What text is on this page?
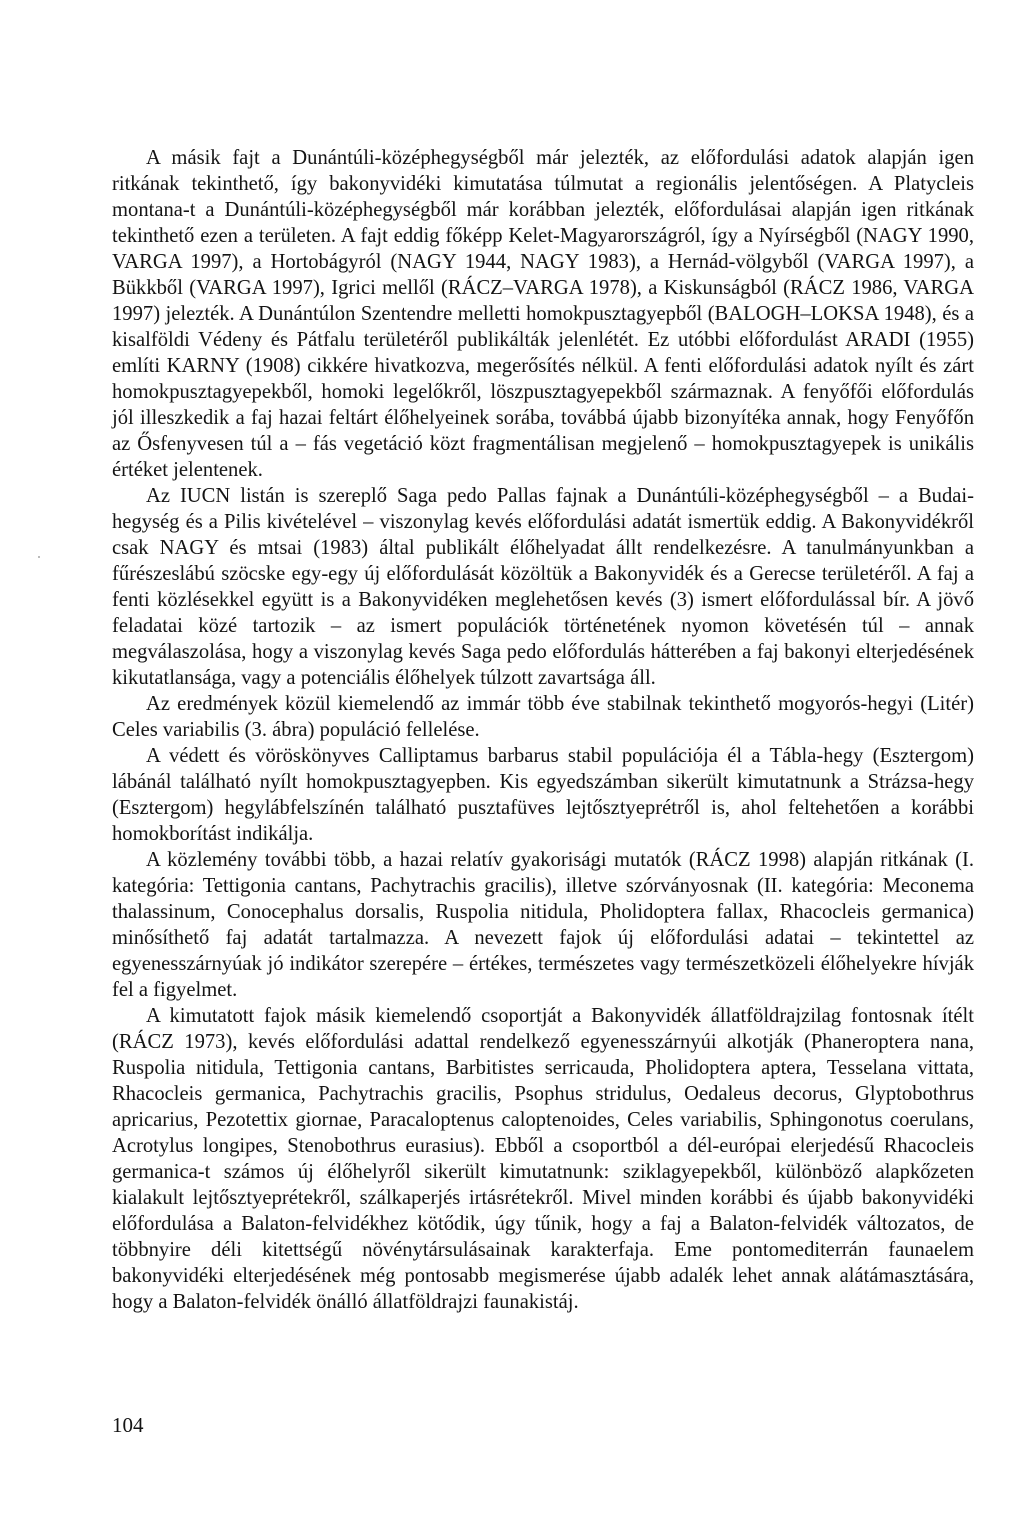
A másik fajt a Dunántúli-középhegységből már jelezték, az előfordulási adatok alapján igen ritkának tekinthető, így bakonyvidéki kimutatása túlmutat a regionális jelentőségen. A Platycleis montana-t a Dunántúli-középhegységből már korábban jelezték, előfordulásai alapján igen ritkának tekinthető ezen a területen. A fajt eddig főképp Kelet-Magyarországról, így a Nyírségből (NAGY 1990, VARGA 1997), a Hortobágyról (NAGY 1944, NAGY 1983), a Hernád-völgyből (VARGA 1997), a Bükkből (VARGA 1997), Igrici mellől (RÁCZ–VARGA 1978), a Kiskunságból (RÁCZ 1986, VARGA 1997) jelezték. A Dunántúlon Szentendre melletti homokpusztagyepből (BALOGH–LOKSA 1948), és a kisalföldi Védeny és Pátfalu területéről publikálták jelenlétét. Ez utóbbi előfordulást ARADI (1955) említi KARNY (1908) cikkére hivatkozva, megerősítés nélkül. A fenti előfordulási adatok nyílt és zárt homokpusztagyepekből, homoki legelőkről, löszpusztagyepekből származnak. A fenyőfői előfordulás jól illeszkedik a faj hazai feltárt élőhelyeinek sorába, továbbá újabb bizonyítéka annak, hogy Fenyőfőn az Ősfenyvesen túl a – fás vegetáció közt fragmentálisan megjelenő – homokpusztagyepek is unikális értéket jelentenek.

Az IUCN listán is szereplő Saga pedo Pallas fajnak a Dunántúli-középhegységből – a Budai-hegység és a Pilis kivételével – viszonylag kevés előfordulási adatát ismertük eddig. A Bakonyvidékről csak NAGY és mtsai (1983) által publikált élőhelyadat állt rendelkezésre. A tanulmányunkban a fűrészeslábú szöcske egy-egy új előfordulását közöltük a Bakonyvidék és a Gerecse területéről. A faj a fenti közlésekkel együtt is a Bakonyvidéken meglehetősen kevés (3) ismert előfordulással bír. A jövő feladatai közé tartozik – az ismert populációk történetének nyomon követésén túl – annak megválaszolása, hogy a viszonylag kevés Saga pedo előfordulás hátterében a faj bakonyi elterjedésének kikutatlansága, vagy a potenciális élőhelyek túlzott zavartsága áll.

Az eredmények közül kiemelendő az immár több éve stabilnak tekinthető mogyorós-hegyi (Litér) Celes variabilis (3. ábra) populáció fellelése.

A védett és vöröskönyves Calliptamus barbarus stabil populációja él a Tábla-hegy (Esztergom) lábánál található nyílt homokpusztagyepben. Kis egyedszámban sikerült kimutatnunk a Strázsa-hegy (Esztergom) hegylábfelszínén található pusztafüves lejtősztyeprétről is, ahol feltehetően a korábbi homokborítást indikálja.

A közlemény további több, a hazai relatív gyakorisági mutatók (RÁCZ 1998) alapján ritkának (I. kategória: Tettigonia cantans, Pachytrachis gracilis), illetve szórványosnak (II. kategória: Meconema thalassinum, Conocephalus dorsalis, Ruspolia nitidula, Pholidoptera fallax, Rhacocleis germanica) minősíthető faj adatát tartalmazza. A nevezett fajok új előfordulási adatai – tekintettel az egyenesszárnyúak jó indikátor szerepére – értékes, természetes vagy természetközeli élőhelyekre hívják fel a figyelmet.

A kimutatott fajok másik kiemelendő csoportját a Bakonyvidék állatföldrajzilag fontosnak ítélt (RÁCZ 1973), kevés előfordulási adattal rendelkező egyenesszárnyúi alkotják (Phaneroptera nana, Ruspolia nitidula, Tettigonia cantans, Barbitistes serricauda, Pholidoptera aptera, Tesselana vittata, Rhacocleis germanica, Pachytrachis gracilis, Psophus stridulus, Oedaleus decorus, Glyptobothrus apricarius, Pezotettix giornae, Paracaloptenus caloptenoides, Celes variabilis, Sphingonotus coerulans, Acrotylus longipes, Stenobothrus eurasius). Ebből a csoportból a dél-európai elerjedésű Rhacocleis germanica-t számos új élőhelyről sikerült kimutatnunk: sziklagyepekből, különböző alapkőzeten kialakult lejtősztyeprétekről, szálkaperjés irtásrétekről. Mivel minden korábbi és újabb bakonyvidéki előfordulása a Balaton-felvidékhez kötődik, úgy tűnik, hogy a faj a Balaton-felvidék változatos, de többnyire déli kitettségű növénytársulásainak karakterfaja. Eme pontomediterrán faunaelem bakonyvidéki elterjedésének még pontosabb megismerése újabb adalék lehet annak alátámasztására, hogy a Balaton-felvidék önálló állatföldrajzi faunakistáj.

104
